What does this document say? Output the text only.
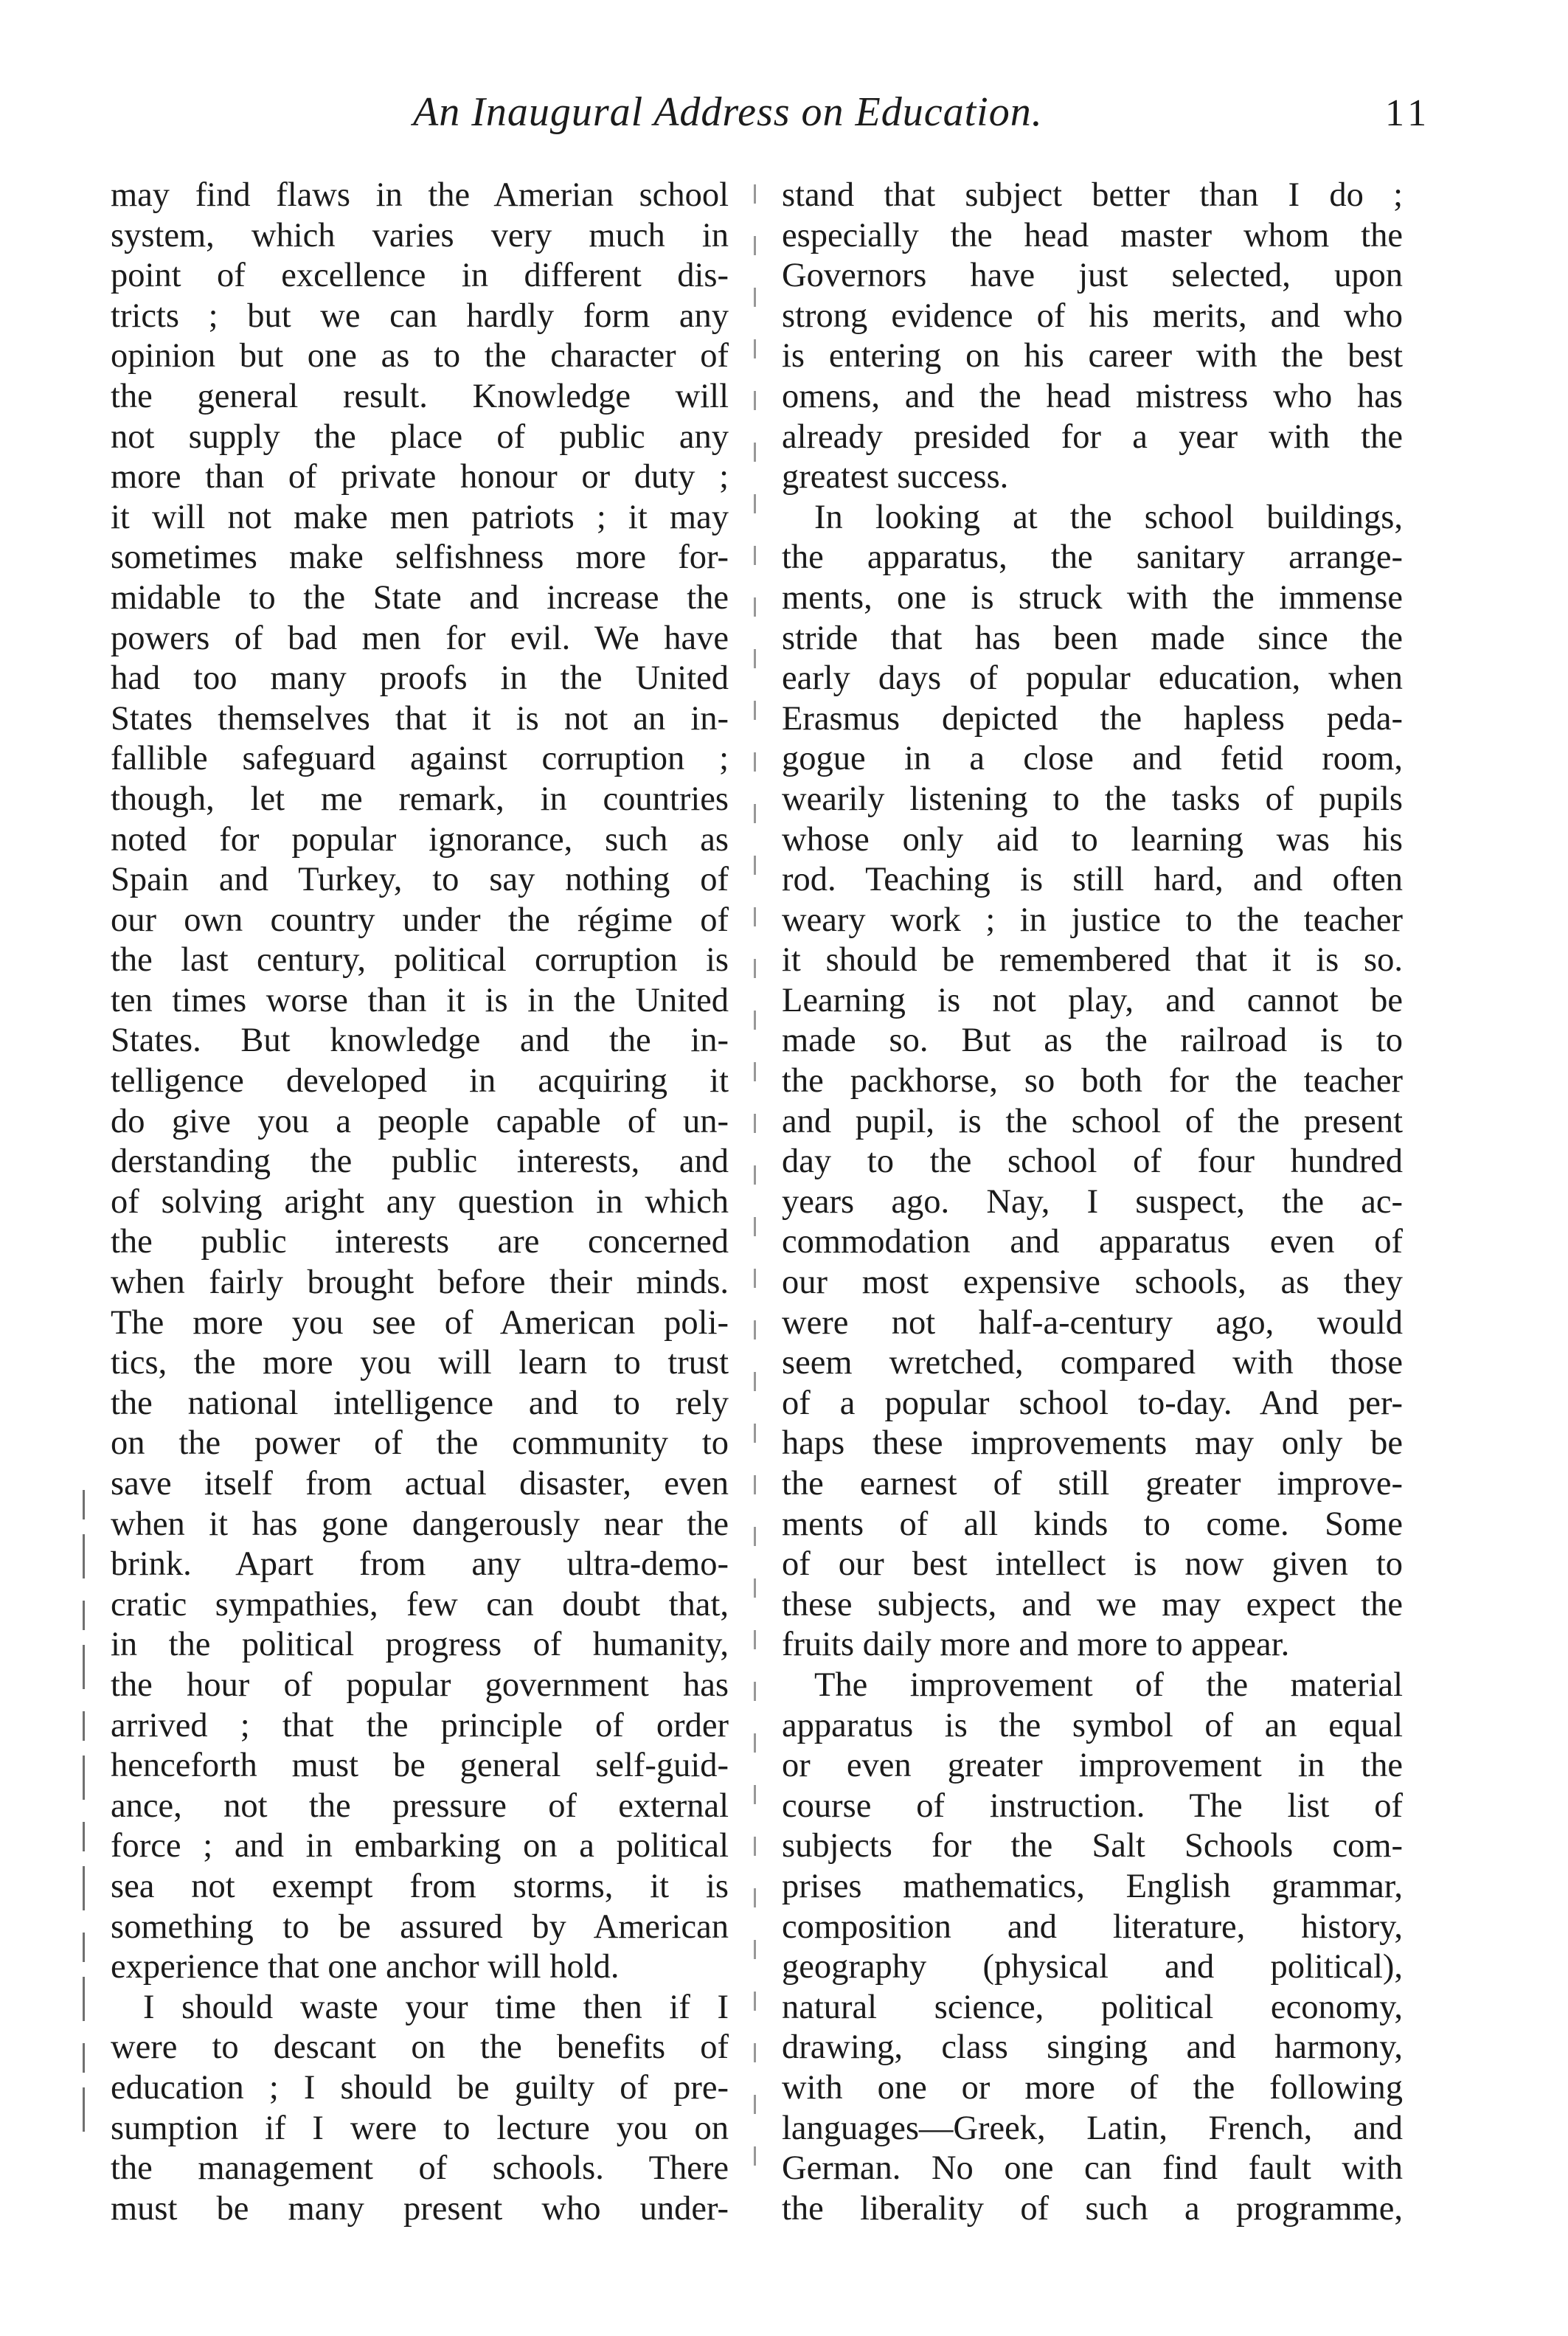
An Inaugural Address on Education.	11
may find flaws in the Amerian school
system, which varies very much in
point of excellence in different dis-
tricts ; but we can hardly form any
opinion but one as to the character of
the general result. Knowledge will
not supply the place of public any
more than of private honour or duty ;
it will not make men patriots ; it may
sometimes make selfishness more for-
midable to the State and increase the
powers of bad men for evil. We have
had too many proofs in the United
States themselves that it is not an in-
fallible safeguard against corruption ;
though, let me remark, in countries
noted for popular ignorance, such as
Spain and Turkey, to say nothing of
our own country under the régime of
the last century, political corruption is
ten times worse than it is in the United
States. But knowledge and the in-
telligence developed in acquiring it
do give you a people capable of un-
derstanding the public interests, and
of solving aright any question in which
the public interests are concerned
when fairly brought before their minds.
The more you see of American poli-
tics, the more you will learn to trust
the national intelligence and to rely
on the power of the community to
save itself from actual disaster, even
when it has gone dangerously near the
brink. Apart from any ultra-demo-
cratic sympathies, few can doubt that,
in the political progress of humanity,
the hour of popular government has
arrived ; that the principle of order
henceforth must be general self-guid-
ance, not the pressure of external
force ; and in embarking on a political
sea not exempt from storms, it is
something to be assured by American
experience that one anchor will hold.
I should waste your time then if I
were to descant on the benefits of
education ; I should be guilty of pre-
sumption if I were to lecture you on
the management of schools. There
must be many present who under-
stand that subject better than I do ;
especially the head master whom the
Governors have just selected, upon
strong evidence of his merits, and who
is entering on his career with the best
omens, and the head mistress who has
already presided for a year with the
greatest success.
In looking at the school buildings,
the apparatus, the sanitary arrange-
ments, one is struck with the immense
stride that has been made since the
early days of popular education, when
Erasmus depicted the hapless peda-
gogue in a close and fetid room,
wearily listening to the tasks of pupils
whose only aid to learning was his
rod. Teaching is still hard, and often
weary work ; in justice to the teacher
it should be remembered that it is so.
Learning is not play, and cannot be
made so. But as the railroad is to
the packhorse, so both for the teacher
and pupil, is the school of the present
day to the school of four hundred
years ago. Nay, I suspect, the ac-
commodation and apparatus even of
our most expensive schools, as they
were not half-a-century ago, would
seem wretched, compared with those
of a popular school to-day. And per-
haps these improvements may only be
the earnest of still greater improve-
ments of all kinds to come. Some
of our best intellect is now given to
these subjects, and we may expect the
fruits daily more and more to appear.
The improvement of the material
apparatus is the symbol of an equal
or even greater improvement in the
course of instruction. The list of
subjects for the Salt Schools com-
prises mathematics, English grammar,
composition and literature, history,
geography (physical and political),
natural science, political economy,
drawing, class singing and harmony,
with one or more of the following
languages—Greek, Latin, French, and
German. No one can find fault with
the liberality of such a programme,
